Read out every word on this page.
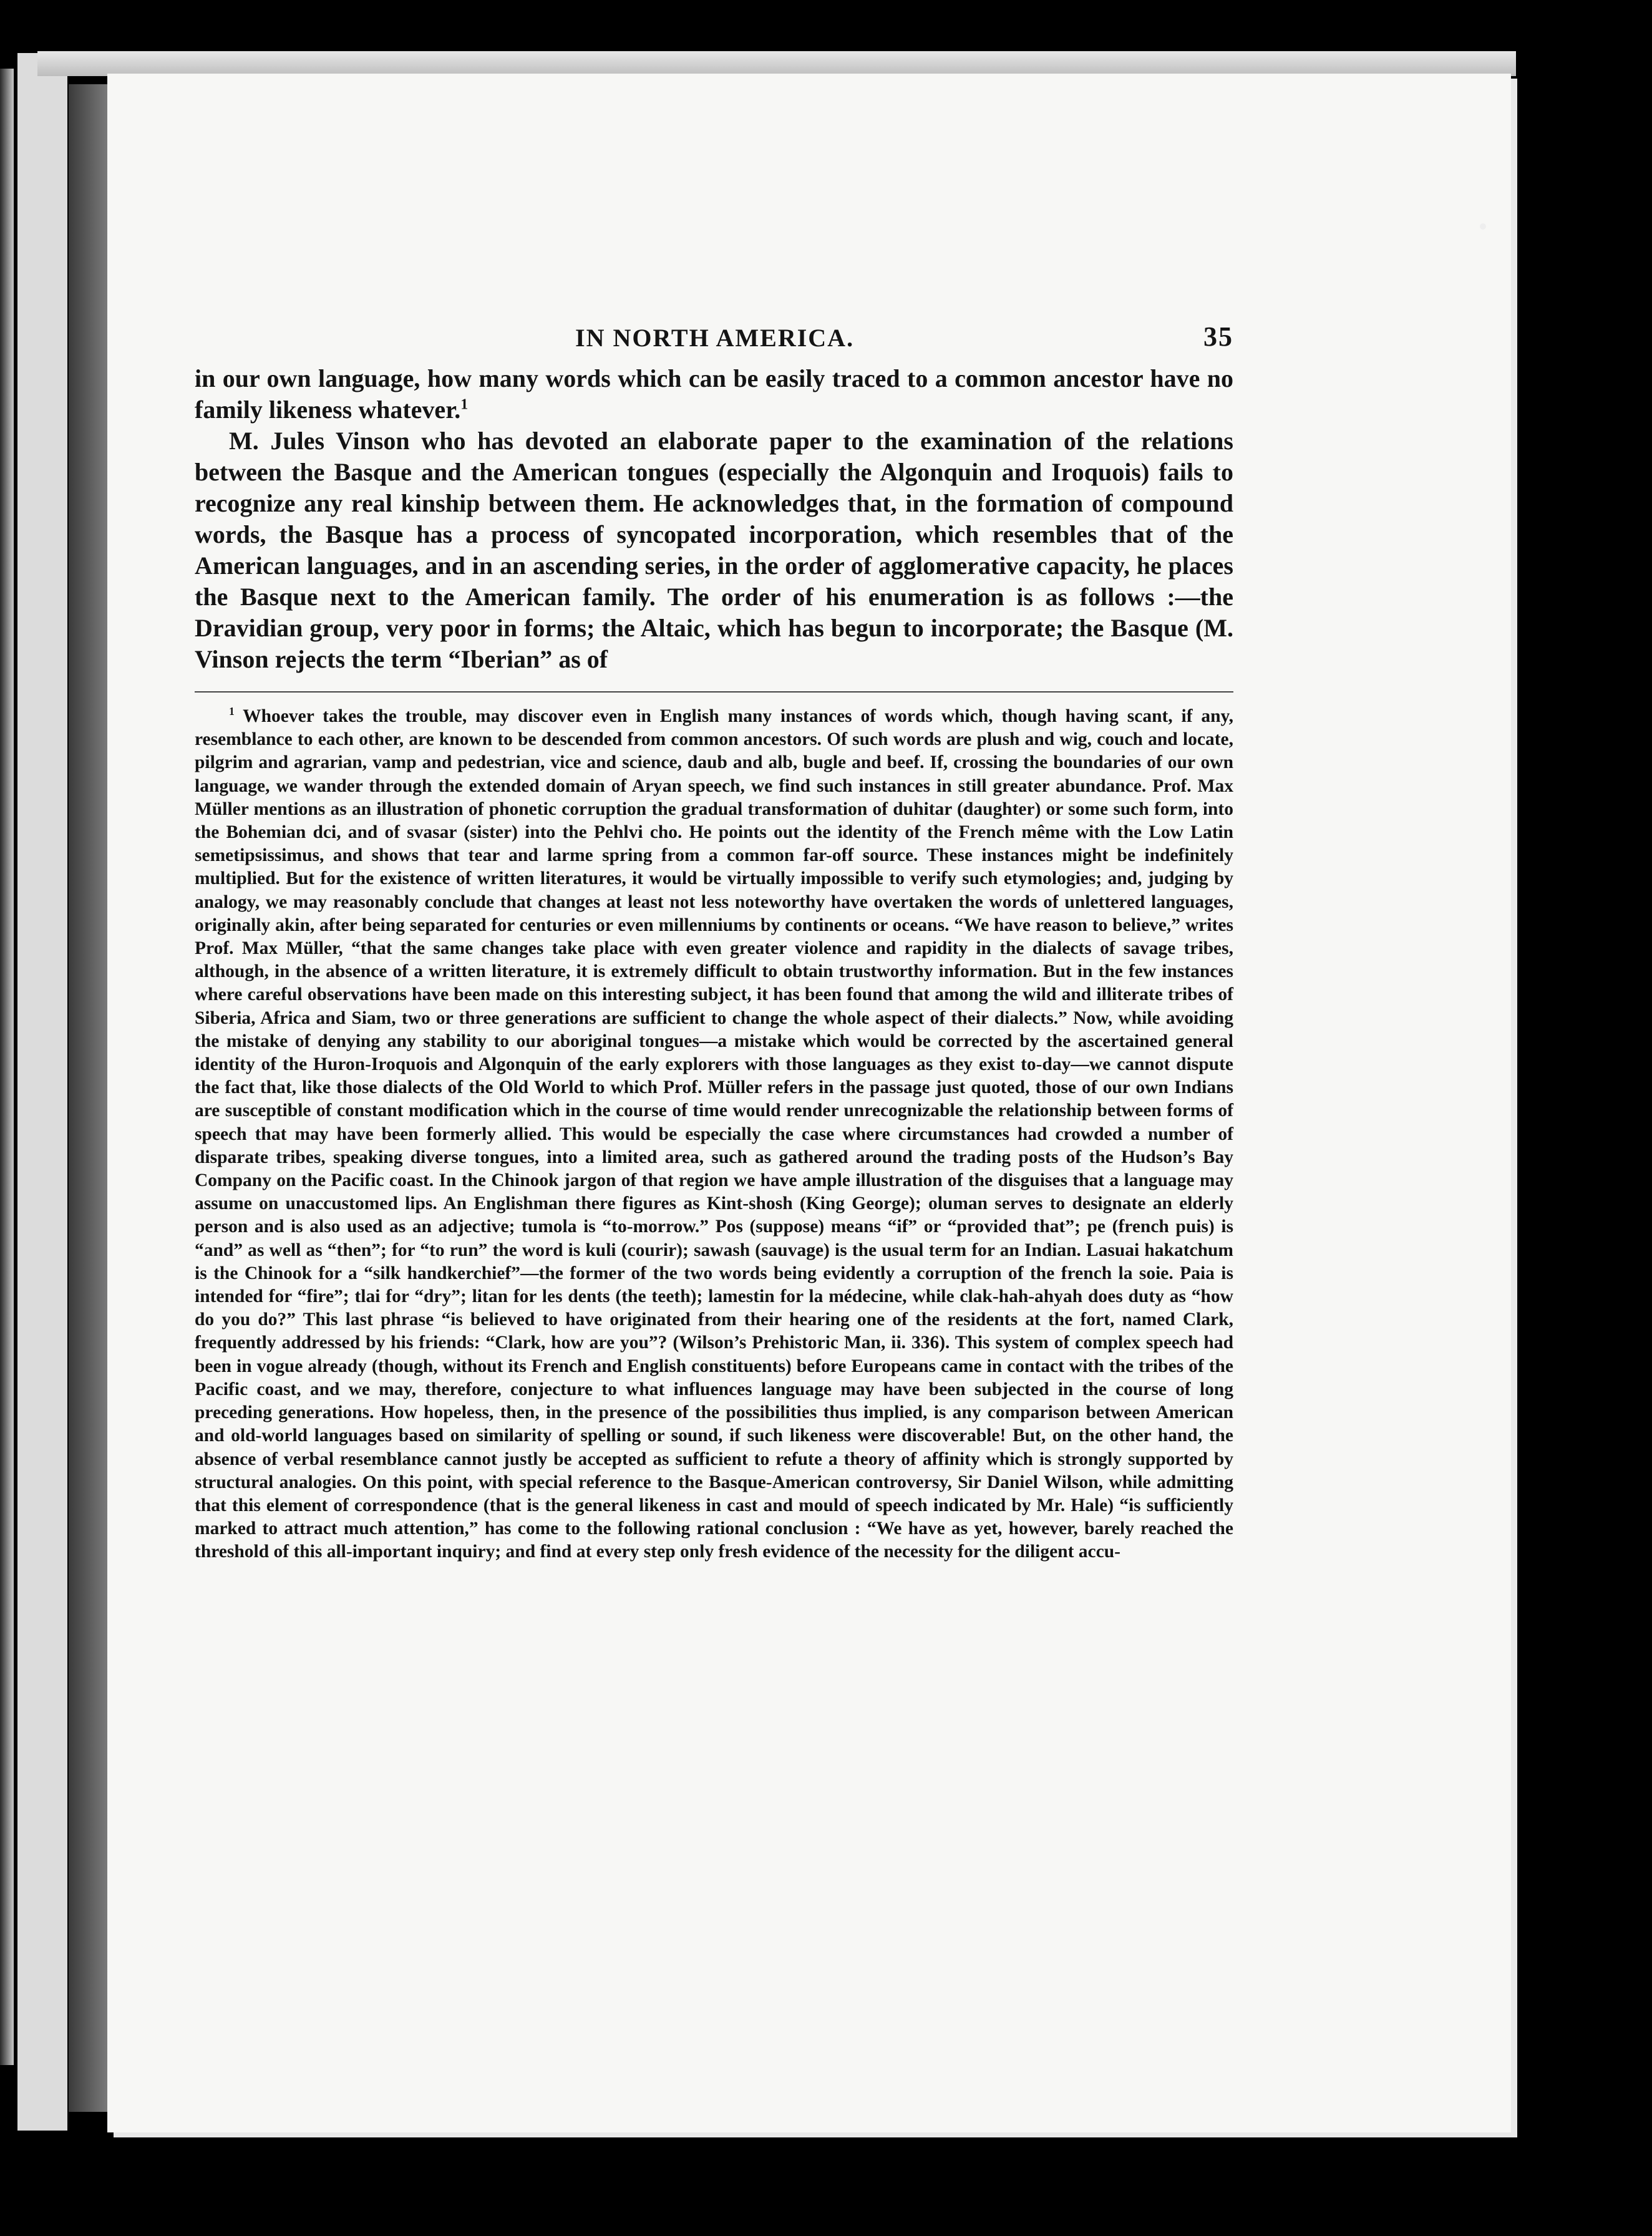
IN NORTH AMERICA.	35

in our own language, how many words which can be easily traced to a common ancestor have no family likeness whatever.$^1$

M. Jules Vinson who has devoted an elaborate paper to the examination of the relations between the Basque and the American tongues (especially the Algonquin and Iroquois) fails to recognize any real kinship between them. He acknowledges that, in the formation of compound words, the Basque has a process of syncopated incorporation, which resembles that of the American languages, and in an ascending series, in the order of agglomerative capacity, he places the Basque next to the American family. The order of his enumeration is as follows :—the Dravidian group, very poor in forms; the Altaic, which has begun to incorporate; the Basque (M. Vinson rejects the term “Iberian” as of

$^1$ Whoever takes the trouble, may discover even in English many instances of words which, though having scant, if any, resemblance to each other, are known to be descended from common ancestors. Of such words are plush and wig, couch and locate, pilgrim and agrarian, vamp and pedestrian, vice and science, daub and alb, bugle and beef. If, crossing the boundaries of our own language, we wander through the extended domain of Aryan speech, we find such instances in still greater abundance. Prof. Max Müller mentions as an illustration of phonetic corruption the gradual transformation of duhitar (daughter) or some such form, into the Bohemian dci, and of svasar (sister) into the Pehlvi cho. He points out the identity of the French même with the Low Latin semetipsissimus, and shows that tear and larme spring from a common far-off source. These instances might be indefinitely multiplied. But for the existence of written literatures, it would be virtually impossible to verify such etymologies; and, judging by analogy, we may reasonably conclude that changes at least not less noteworthy have overtaken the words of unlettered languages, originally akin, after being separated for centuries or even millenniums by continents or oceans. “We have reason to believe,” writes Prof. Max Müller, “that the same changes take place with even greater violence and rapidity in the dialects of savage tribes, although, in the absence of a written literature, it is extremely difficult to obtain trustworthy information. But in the few instances where careful observations have been made on this interesting subject, it has been found that among the wild and illiterate tribes of Siberia, Africa and Siam, two or three generations are sufficient to change the whole aspect of their dialects.” Now, while avoiding the mistake of denying any stability to our aboriginal tongues—a mistake which would be corrected by the ascertained general identity of the Huron-Iroquois and Algonquin of the early explorers with those languages as they exist to-day—we cannot dispute the fact that, like those dialects of the Old World to which Prof. Müller refers in the passage just quoted, those of our own Indians are susceptible of constant modification which in the course of time would render unrecognizable the relationship between forms of speech that may have been formerly allied. This would be especially the case where circumstances had crowded a number of disparate tribes, speaking diverse tongues, into a limited area, such as gathered around the trading posts of the Hudson’s Bay Company on the Pacific coast. In the Chinook jargon of that region we have ample illustration of the disguises that a language may assume on unaccustomed lips. An Englishman there figures as Kint-shosh (King George); oluman serves to designate an elderly person and is also used as an adjective; tumola is “to-morrow.” Pos (suppose) means “if” or “provided that”; pe (french puis) is “and” as well as “then”; for “to run” the word is kuli (courir); sawash (sauvage) is the usual term for an Indian. Lasuai hakatchum is the Chinook for a “silk handkerchief”—the former of the two words being evidently a corruption of the french la soie. Paia is intended for “fire”; tlai for “dry”; litan for les dents (the teeth); lamestin for la médecine, while clak-hah-ahyah does duty as “how do you do?” This last phrase “is believed to have originated from their hearing one of the residents at the fort, named Clark, frequently addressed by his friends: “Clark, how are you”? (Wilson’s Prehistoric Man, ii. 336). This system of complex speech had been in vogue already (though, without its French and English constituents) before Europeans came in contact with the tribes of the Pacific coast, and we may, therefore, conjecture to what influences language may have been subjected in the course of long preceding generations. How hopeless, then, in the presence of the possibilities thus implied, is any comparison between American and old-world languages based on similarity of spelling or sound, if such likeness were discoverable! But, on the other hand, the absence of verbal resemblance cannot justly be accepted as sufficient to refute a theory of affinity which is strongly supported by structural analogies. On this point, with special reference to the Basque-American controversy, Sir Daniel Wilson, while admitting that this element of correspondence (that is the general likeness in cast and mould of speech indicated by Mr. Hale) “is sufficiently marked to attract much attention,” has come to the following rational conclusion : “We have as yet, however, barely reached the threshold of this all-important inquiry; and find at every step only fresh evidence of the necessity for the diligent accu-
